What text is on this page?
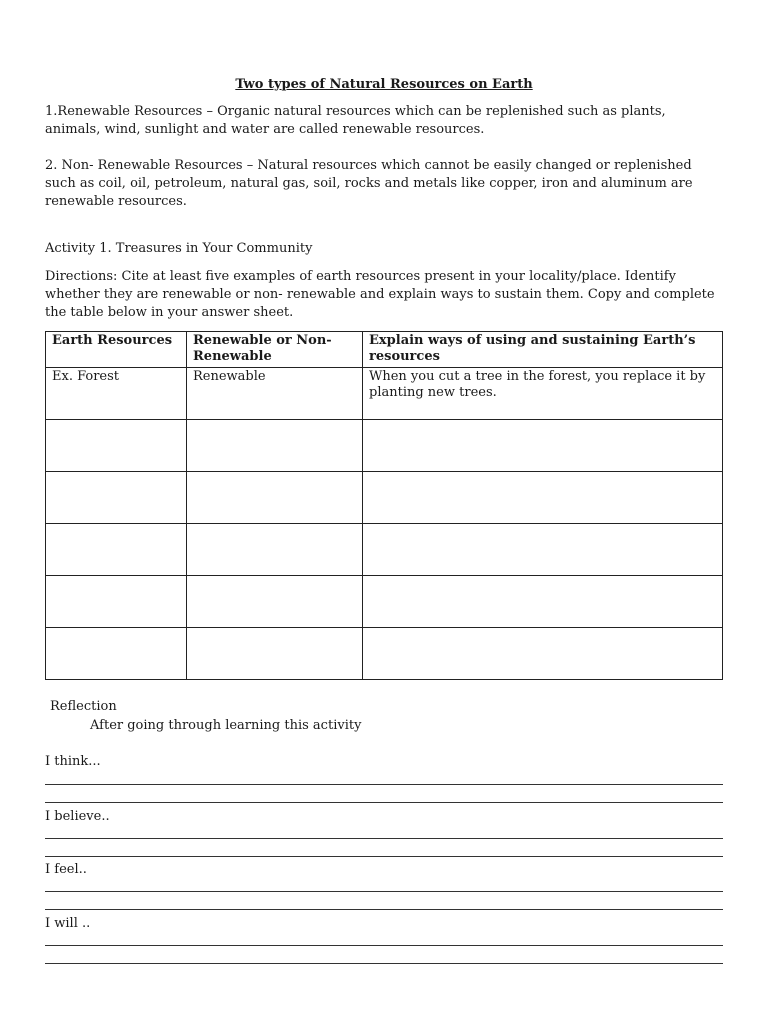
Two types of Natural Resources on Earth
1.Renewable Resources – Organic natural resources which can be replenished such as plants, animals, wind, sunlight and water are called renewable resources.
2. Non- Renewable Resources – Natural resources which cannot be easily changed or replenished such as coil, oil, petroleum, natural gas, soil, rocks and metals like copper, iron and aluminum are renewable resources.
Activity 1. Treasures in Your Community
Directions: Cite at least five examples of earth resources present in your locality/place. Identify whether they are renewable or non- renewable and explain ways to sustain them. Copy and complete the table below in your answer sheet.
Earth Resources	Renewable or Non-Renewable	Explain ways of using and sustaining Earth’s resources
Ex. Forest	Renewable	When you cut a tree in the forest, you replace it by planting new trees.

Reflection
After going through learning this activity
I think...
I believe..
I feel..
I will ..
